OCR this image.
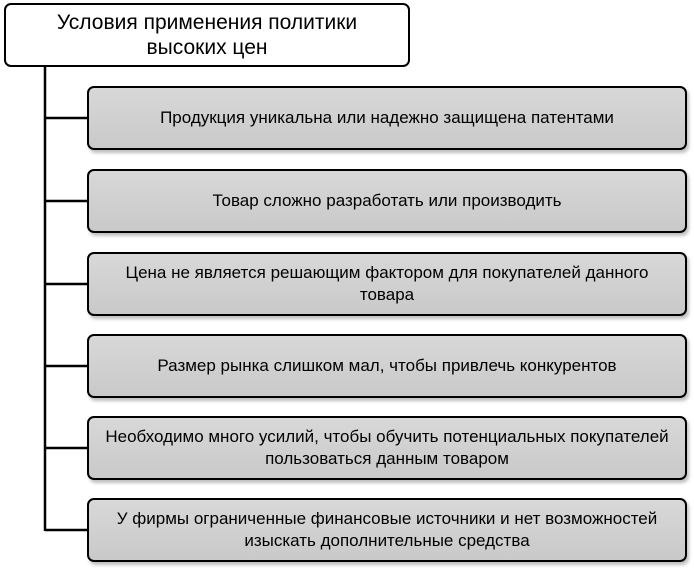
Условия применения политики высоких цен
Продукция уникальна или надежно защищена патентами
Товар сложно разработать или производить
Цена не является решающим фактором для покупателей данного товара
Размер рынка слишком мал, чтобы привлечь конкурентов
Необходимо много усилий, чтобы обучить потенциальных покупателей пользоваться данным товаром
У фирмы ограниченные финансовые источники и нет возможностей изыскать дополнительные средства
